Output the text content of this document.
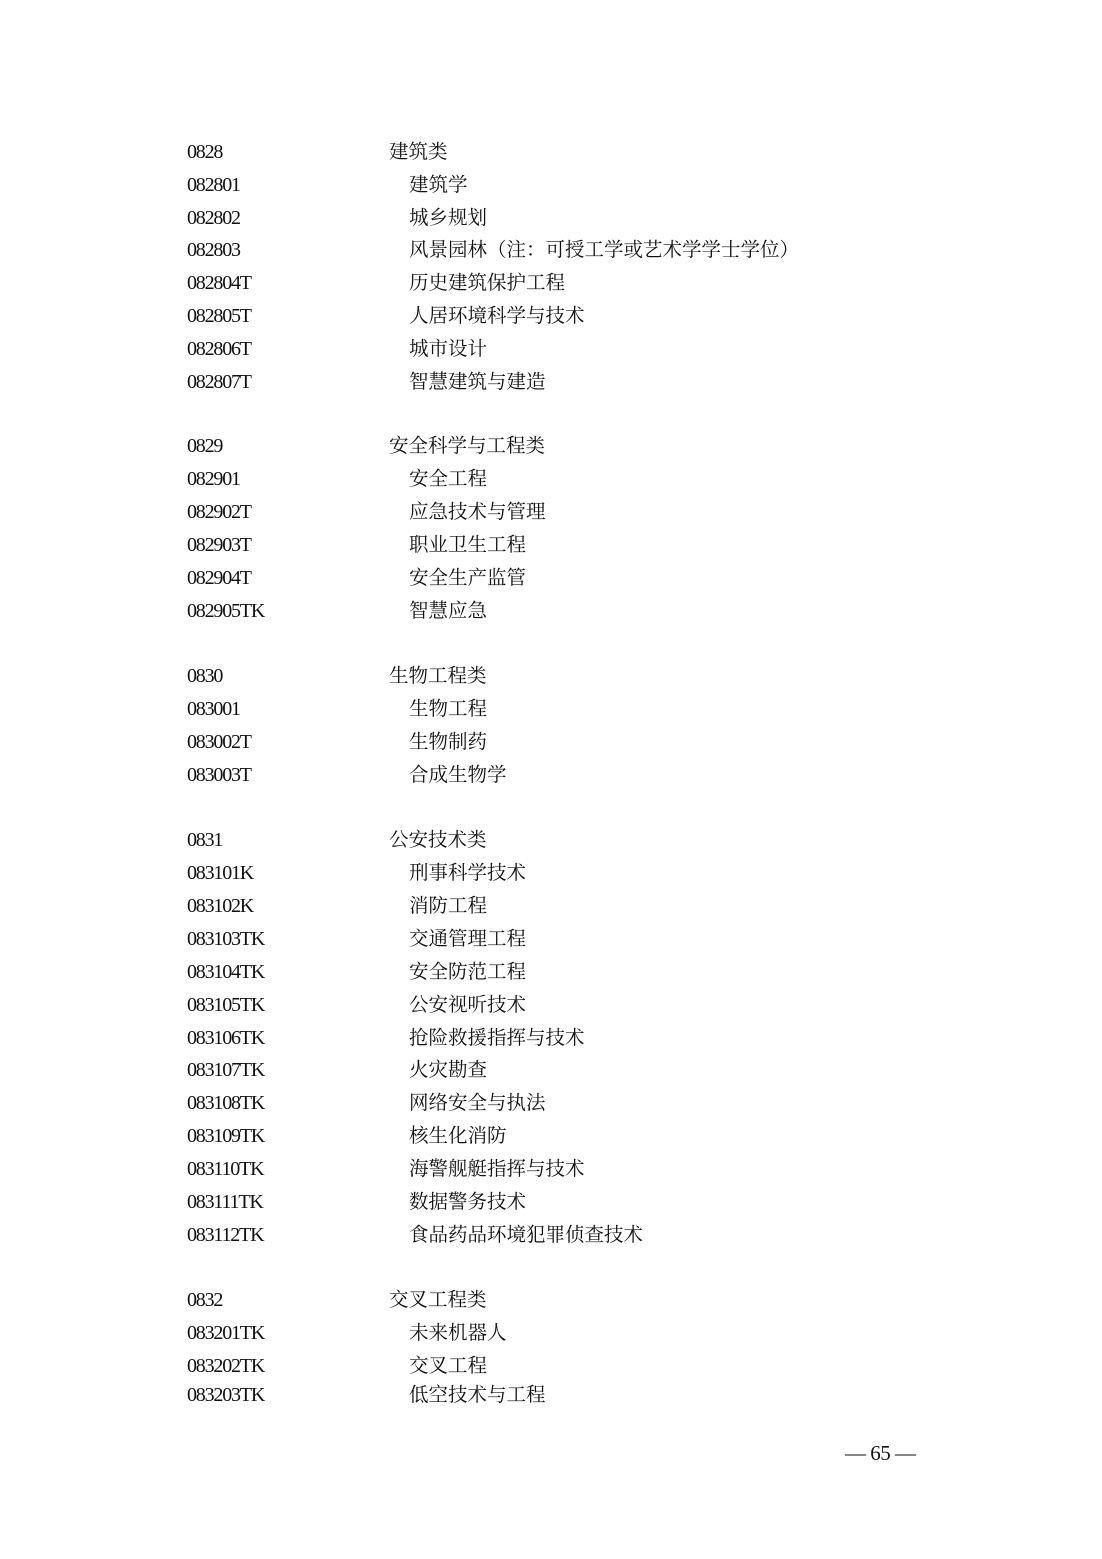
0828	建筑类
082801	建筑学
082802	城乡规划
082803	风景园林（注：可授工学或艺术学学士学位）
082804T	历史建筑保护工程
082805T	人居环境科学与技术
082806T	城市设计
082807T	智慧建筑与建造
0829	安全科学与工程类
082901	安全工程
082902T	应急技术与管理
082903T	职业卫生工程
082904T	安全生产监管
082905TK	智慧应急
0830	生物工程类
083001	生物工程
083002T	生物制药
083003T	合成生物学
0831	公安技术类
083101K	刑事科学技术
083102K	消防工程
083103TK	交通管理工程
083104TK	安全防范工程
083105TK	公安视听技术
083106TK	抢险救援指挥与技术
083107TK	火灾勘查
083108TK	网络安全与执法
083109TK	核生化消防
083110TK	海警舰艇指挥与技术
083111TK	数据警务技术
083112TK	食品药品环境犯罪侦查技术
0832	交叉工程类
083201TK	未来机器人
083202TK	交叉工程
083203TK	低空技术与工程
— 65 —
